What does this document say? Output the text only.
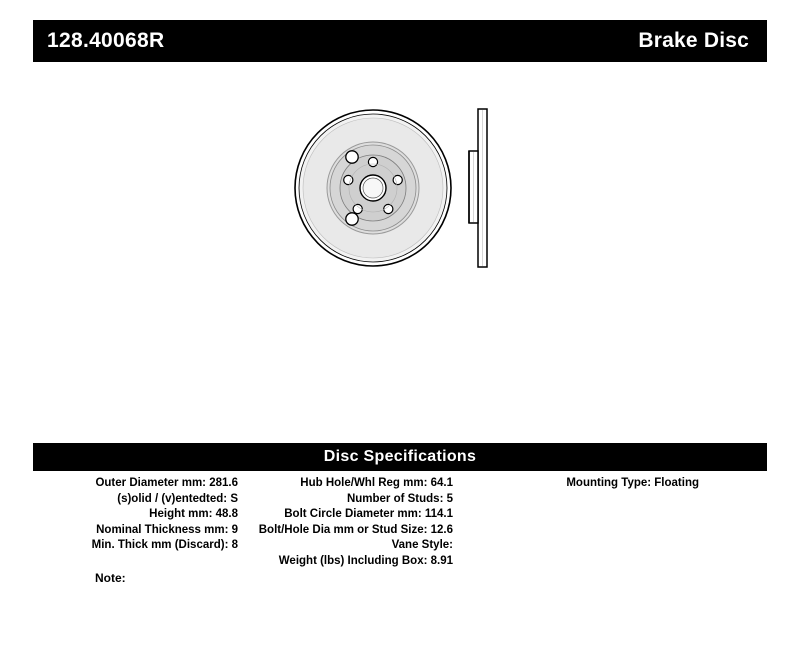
128.40068R	Brake Disc
Disc Specifications
Outer Diameter mm: 281.6
(s)olid / (v)entedted: S
Height mm: 48.8
Nominal Thickness mm: 9
Min. Thick mm (Discard): 8
Hub Hole/Whl Reg mm: 64.1
Number of Studs: 5
Bolt Circle Diameter mm: 114.1
Bolt/Hole Dia mm or Stud Size: 12.6
Vane Style:
Weight (lbs) Including Box: 8.91
Mounting Type: Floating
Note:
